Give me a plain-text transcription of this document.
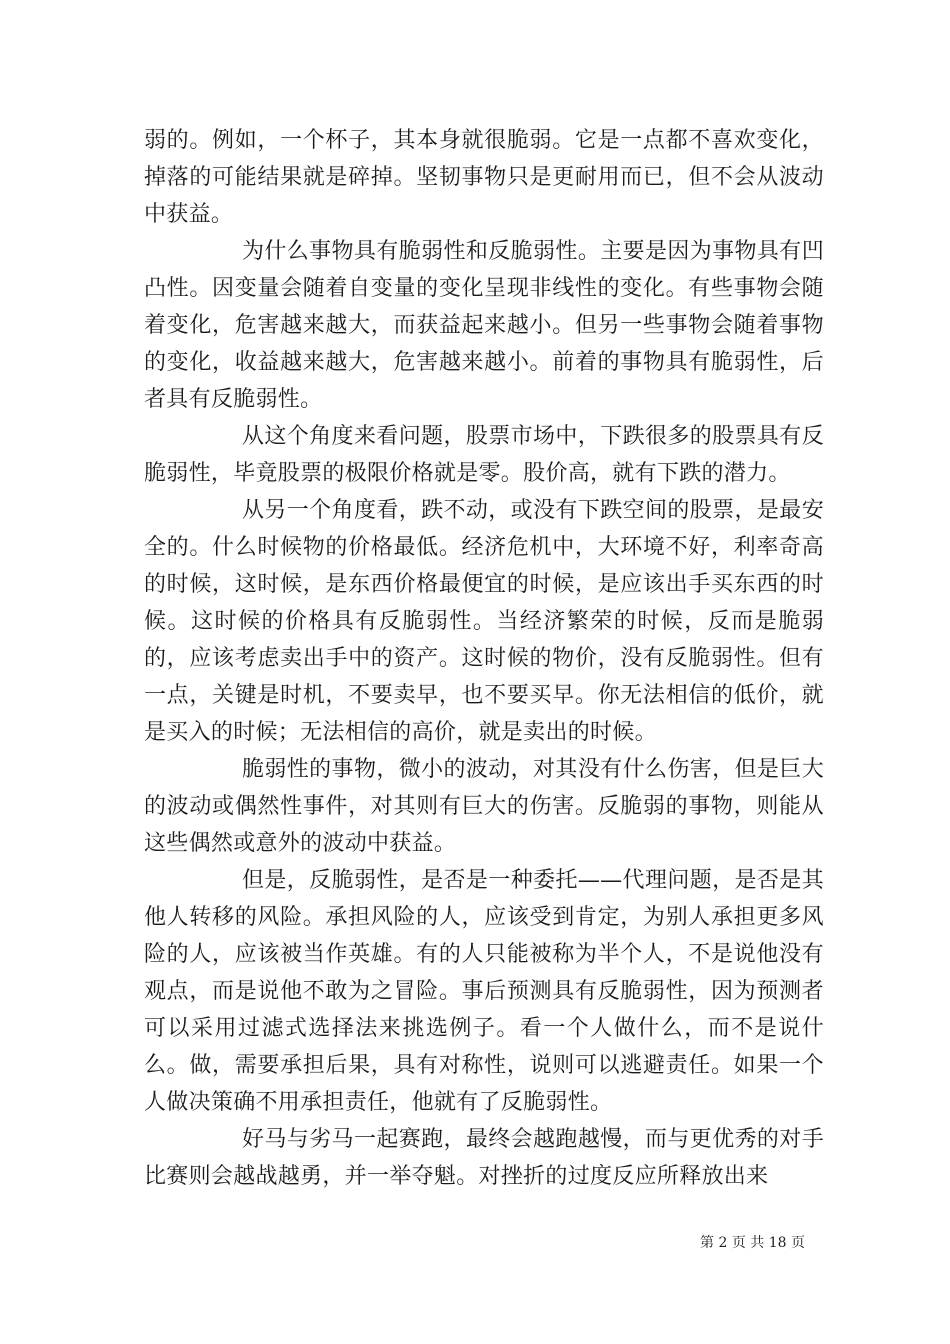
弱的。例如，一个杯子，其本身就很脆弱。它是一点都不喜欢变化，掉落的可能结果就是碎掉。坚韧事物只是更耐用而已，但不会从波动中获益。

为什么事物具有脆弱性和反脆弱性。主要是因为事物具有凹凸性。因变量会随着自变量的变化呈现非线性的变化。有些事物会随着变化，危害越来越大，而获益起来越小。但另一些事物会随着事物的变化，收益越来越大，危害越来越小。前着的事物具有脆弱性，后者具有反脆弱性。

从这个角度来看问题，股票市场中，下跌很多的股票具有反脆弱性，毕竟股票的极限价格就是零。股价高，就有下跌的潜力。

从另一个角度看，跌不动，或没有下跌空间的股票，是最安全的。什么时候物的价格最低。经济危机中，大环境不好，利率奇高的时候，这时候，是东西价格最便宜的时候，是应该出手买东西的时候。这时候的价格具有反脆弱性。当经济繁荣的时候，反而是脆弱的，应该考虑卖出手中的资产。这时候的物价，没有反脆弱性。但有一点，关键是时机，不要卖早，也不要买早。你无法相信的低价，就是买入的时候；无法相信的高价，就是卖出的时候。

脆弱性的事物，微小的波动，对其没有什么伤害，但是巨大的波动或偶然性事件，对其则有巨大的伤害。反脆弱的事物，则能从这些偶然或意外的波动中获益。

但是，反脆弱性，是否是一种委托——代理问题，是否是其他人转移的风险。承担风险的人，应该受到肯定，为别人承担更多风险的人，应该被当作英雄。有的人只能被称为半个人，不是说他没有观点，而是说他不敢为之冒险。事后预测具有反脆弱性，因为预测者可以采用过滤式选择法来挑选例子。看一个人做什么，而不是说什么。做，需要承担后果，具有对称性，说则可以逃避责任。如果一个人做决策确不用承担责任，他就有了反脆弱性。

好马与劣马一起赛跑，最终会越跑越慢，而与更优秀的对手比赛则会越战越勇，并一举夺魁。对挫折的过度反应所释放出来

第 2 页 共 18 页
